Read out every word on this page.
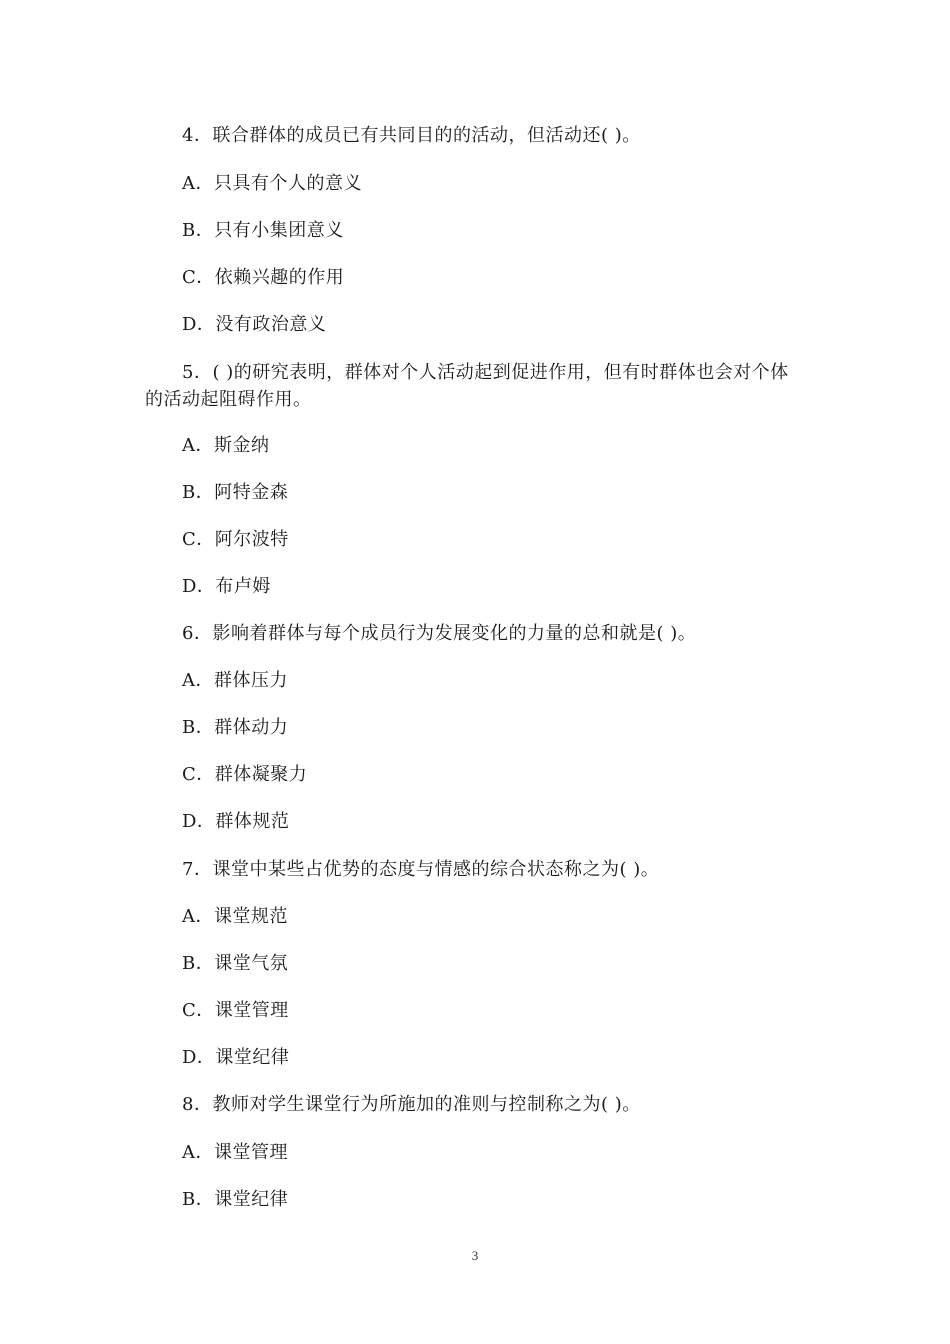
4．联合群体的成员已有共同目的的活动，但活动还( )。
A．只具有个人的意义
B．只有小集团意义
C．依赖兴趣的作用
D．没有政治意义
5．( )的研究表明，群体对个人活动起到促进作用，但有时群体也会对个体
的活动起阻碍作用。
A．斯金纳
B．阿特金森
C．阿尔波特
D．布卢姆
6．影响着群体与每个成员行为发展变化的力量的总和就是( )。
A．群体压力
B．群体动力
C．群体凝聚力
D．群体规范
7．课堂中某些占优势的态度与情感的综合状态称之为( )。
A．课堂规范
B．课堂气氛
C．课堂管理
D．课堂纪律
8．教师对学生课堂行为所施加的准则与控制称之为( )。
A．课堂管理
B．课堂纪律
3
